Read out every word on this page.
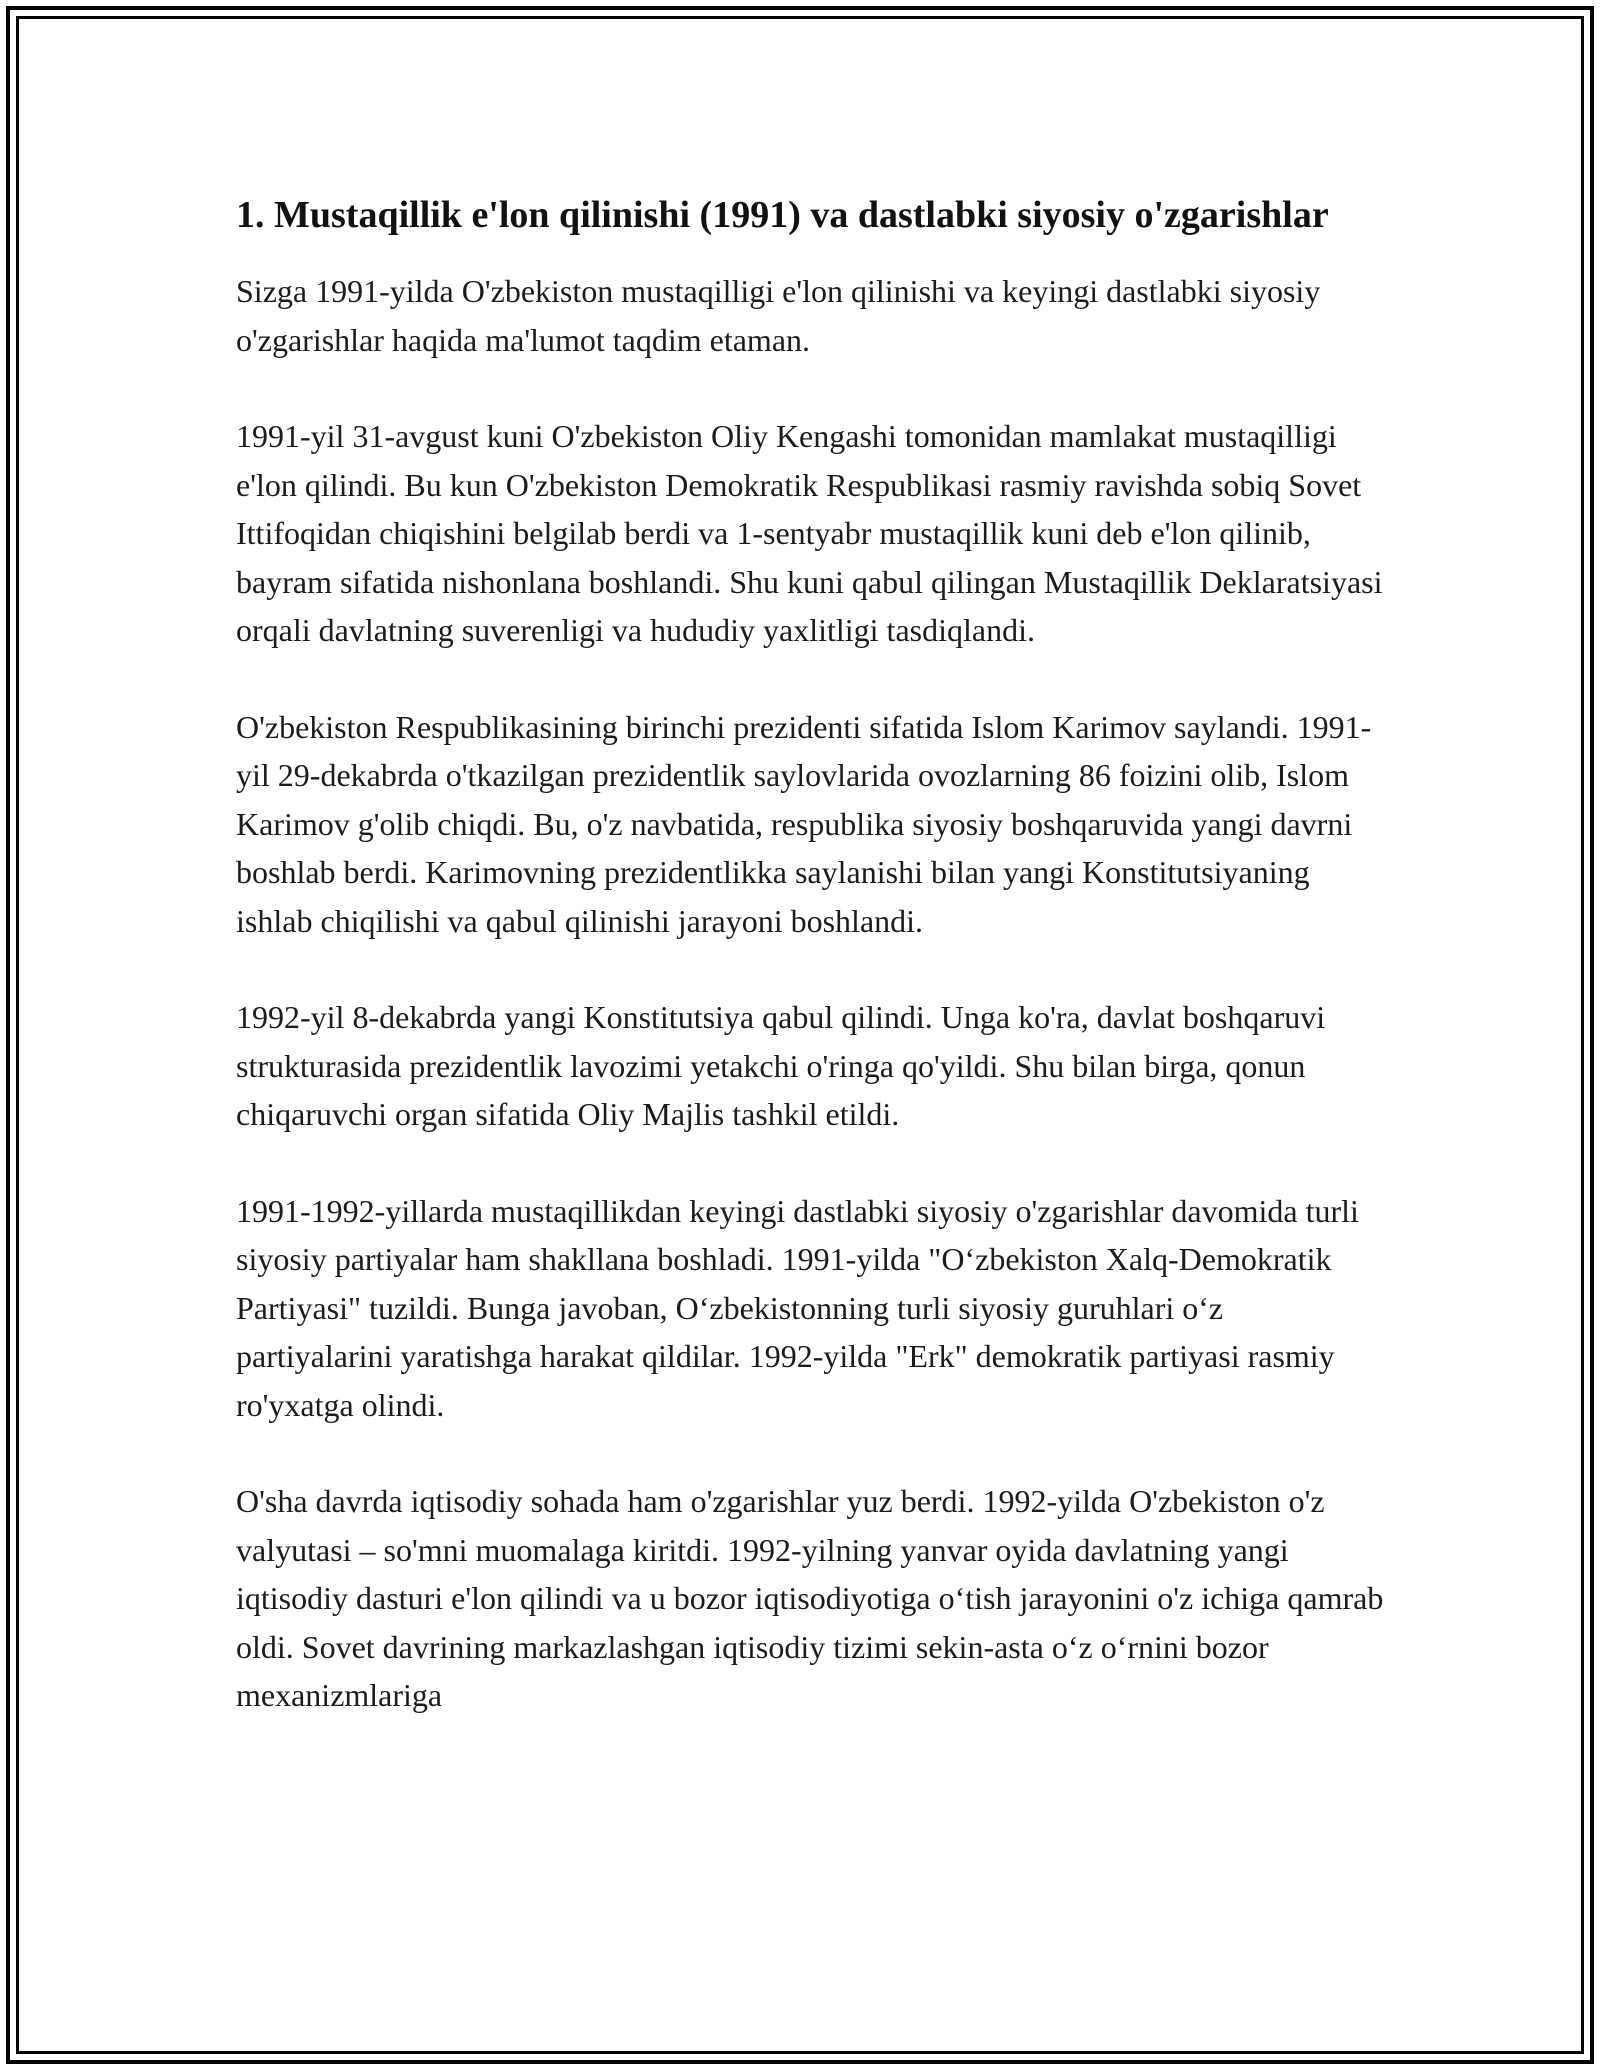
1. Mustaqillik e'lon qilinishi (1991) va dastlabki siyosiy o'zgarishlar

Sizga 1991-yilda O'zbekiston mustaqilligi e'lon qilinishi va keyingi dastlabki siyosiy o'zgarishlar haqida ma'lumot taqdim etaman.

1991-yil 31-avgust kuni O'zbekiston Oliy Kengashi tomonidan mamlakat mustaqilligi e'lon qilindi. Bu kun O'zbekiston Demokratik Respublikasi rasmiy ravishda sobiq Sovet Ittifoqidan chiqishini belgilab berdi va 1-sentyabr mustaqillik kuni deb e'lon qilinib, bayram sifatida nishonlana boshlandi. Shu kuni qabul qilingan Mustaqillik Deklaratsiyasi orqali davlatning suverenligi va hududiy yaxlitligi tasdiqlandi.

O'zbekiston Respublikasining birinchi prezidenti sifatida Islom Karimov saylandi. 1991-yil 29-dekabrda o'tkazilgan prezidentlik saylovlarida ovozlarning 86 foizini olib, Islom Karimov g'olib chiqdi. Bu, o'z navbatida, respublika siyosiy boshqaruvida yangi davrni boshlab berdi. Karimovning prezidentlikka saylanishi bilan yangi Konstitutsiyaning ishlab chiqilishi va qabul qilinishi jarayoni boshlandi.

1992-yil 8-dekabrda yangi Konstitutsiya qabul qilindi. Unga ko'ra, davlat boshqaruvi strukturasida prezidentlik lavozimi yetakchi o'ringa qo'yildi. Shu bilan birga, qonun chiqaruvchi organ sifatida Oliy Majlis tashkil etildi.

1991-1992-yillarda mustaqillikdan keyingi dastlabki siyosiy o'zgarishlar davomida turli siyosiy partiyalar ham shakllana boshladi. 1991-yilda "O‘zbekiston Xalq-Demokratik Partiyasi" tuzildi. Bunga javoban, O‘zbekistonning turli siyosiy guruhlari o‘z partiyalarini yaratishga harakat qildilar. 1992-yilda "Erk" demokratik partiyasi rasmiy ro'yxatga olindi.

O'sha davrda iqtisodiy sohada ham o'zgarishlar yuz berdi. 1992-yilda O'zbekiston o'z valyutasi – so'mni muomalaga kiritdi. 1992-yilning yanvar oyida davlatning yangi iqtisodiy dasturi e'lon qilindi va u bozor iqtisodiyotiga o‘tish jarayonini o'z ichiga qamrab oldi. Sovet davrining markazlashgan iqtisodiy tizimi sekin-asta o‘z o‘rnini bozor mexanizmlariga
